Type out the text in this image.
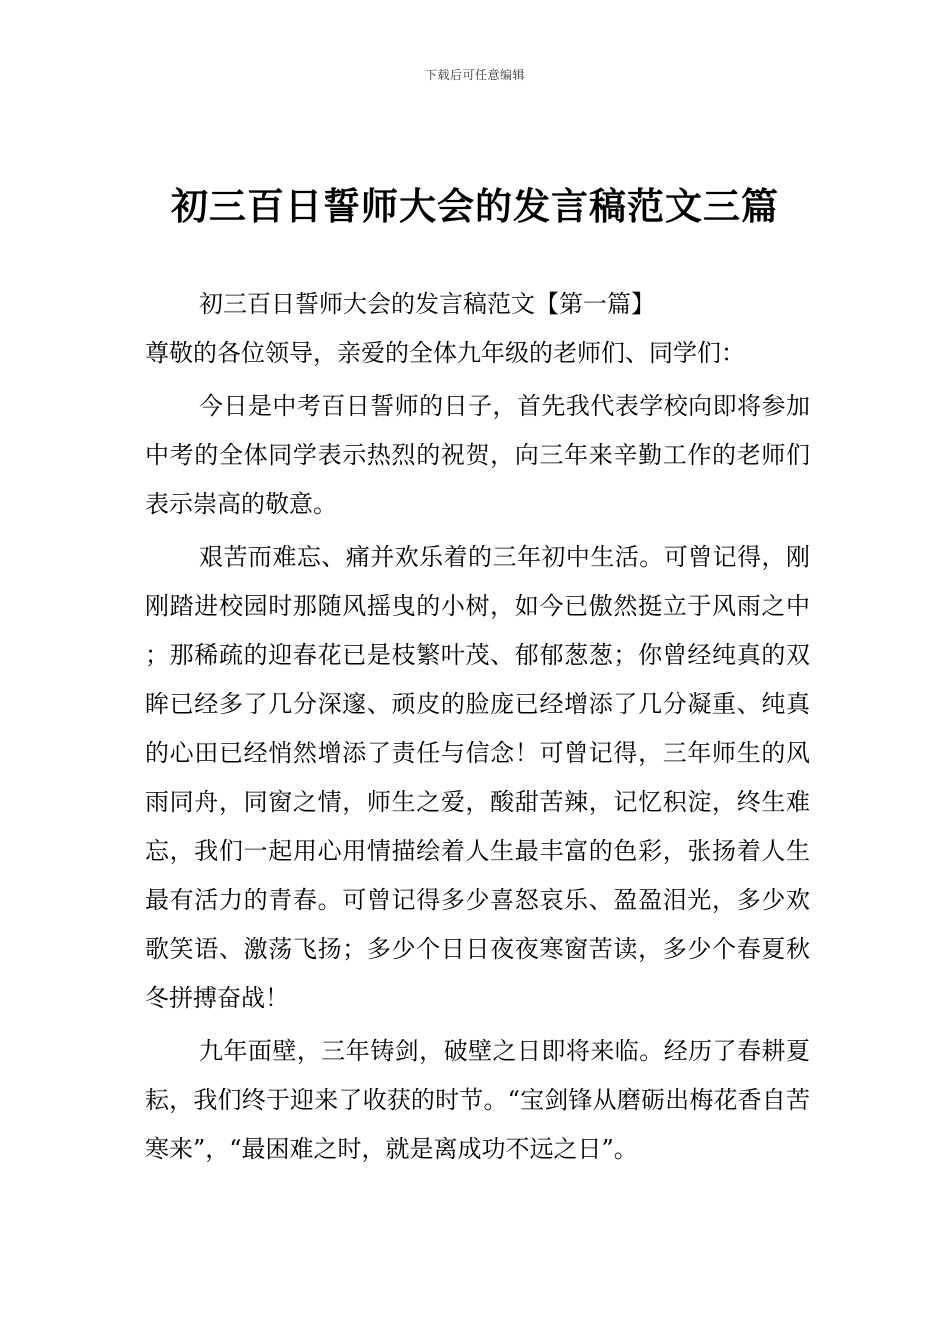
下载后可任意编辑
初三百日誓师大会的发言稿范文三篇

初三百日誓师大会的发言稿范文【第一篇】

尊敬的各位领导，亲爱的全体九年级的老师们、同学们：

今日是中考百日誓师的日子，首先我代表学校向即将参加中考的全体同学表示热烈的祝贺，向三年来辛勤工作的老师们表示崇高的敬意。

艰苦而难忘、痛并欢乐着的三年初中生活。可曾记得，刚刚踏进校园时那随风摇曳的小树，如今已傲然挺立于风雨之中；那稀疏的迎春花已是枝繁叶茂、郁郁葱葱；你曾经纯真的双眸已经多了几分深邃、顽皮的脸庞已经增添了几分凝重、纯真的心田已经悄然增添了责任与信念！可曾记得，三年师生的风雨同舟，同窗之情，师生之爱，酸甜苦辣，记忆积淀，终生难忘，我们一起用心用情描绘着人生最丰富的色彩，张扬着人生最有活力的青春。可曾记得多少喜怒哀乐、盈盈泪光，多少欢歌笑语、激荡飞扬；多少个日日夜夜寒窗苦读，多少个春夏秋冬拼搏奋战！

九年面壁，三年铸剑，破壁之日即将来临。经历了春耕夏耘，我们终于迎来了收获的时节。“宝剑锋从磨砺出梅花香自苦寒来”，“最困难之时，就是离成功不远之日”。
